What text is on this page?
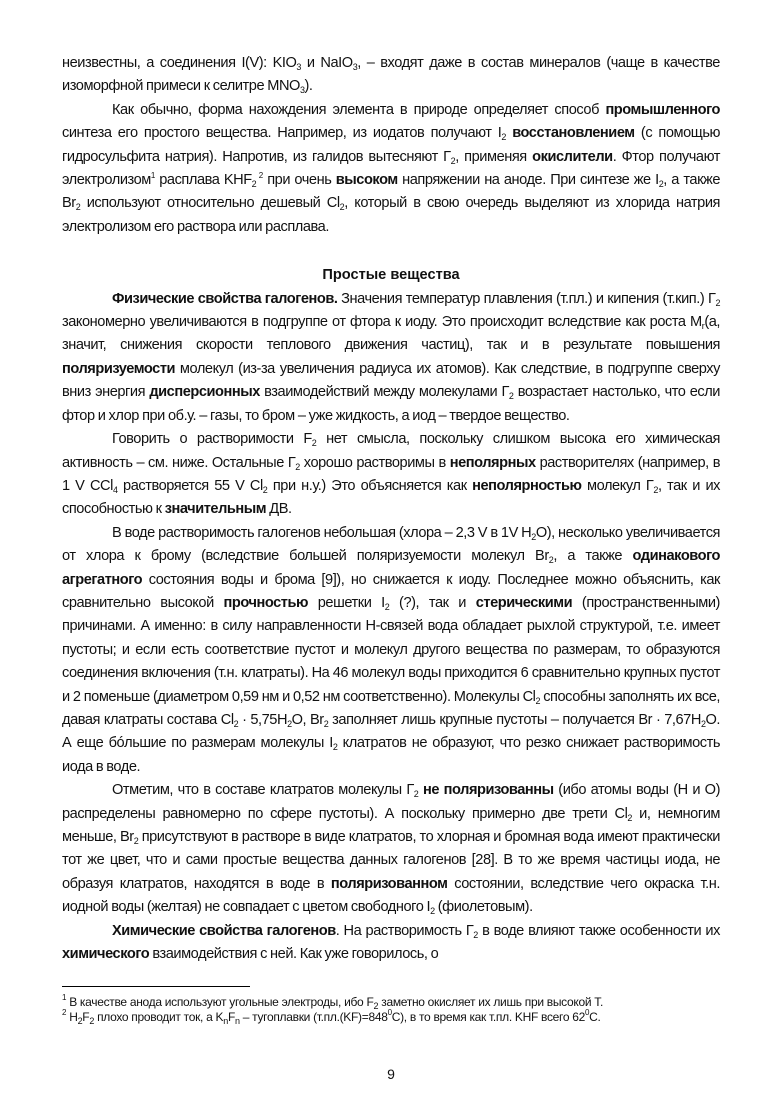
неизвестны, а соединения I(V): $KIO_3$ и NaIO$_3$, – входят даже в состав минералов (чаще в качестве изоморфной примеси к селитре $MNO_3$).

Как обычно, форма нахождения элемента в природе определяет способ промышленного синтеза его простого вещества. Например, из иодатов получают $I_2$ восстановлением (с помощью гидросульфита натрия). Напротив, из галидов вытесняют $Г_2$, применяя окислители. Фтор получают электролизом$^1$ расплава $KHF_2$ $^2$ при очень высоком напряжении на аноде. При синтезе же $I_2$, а также $Br_2$ используют относительно дешевый $Cl_2$, который в свою очередь выделяют из хлорида натрия электролизом его раствора или расплава.

Простые вещества

Физические свойства галогенов. Значения температур плавления (т.пл.) и кипения (т.кип.) $Г_2$ закономерно увеличиваются в подгруппе от фтора к иоду. Это происходит вследствие как роста $M_r(а$, значит, снижения скорости теплового движения частиц), так и в результате повышения поляризуемости молекул (из-за увеличения радиуса их атомов). Как следствие, в подгруппе сверху вниз энергия дисперсионных взаимодействий между молекулами $Г_2$ возрастает настолько, что если фтор и хлор при об.у. – газы, то бром – уже жидкость, а иод – твердое вещество.

Говорить о растворимости $F_2$ нет смысла, поскольку слишком высока его химическая активность – см. ниже. Остальные $Г_2$ хорошо растворимы в неполярных растворителях (например, в 1 V CCl$_4$ растворяется 55 V $Cl_2$ при н.у.) Это объясняется как неполярностью молекул $Г_2$, так и их способностью к значительным ДВ.

В воде растворимость галогенов небольшая (хлора – 2,3 V в 1V $H_2O$), несколько увеличивается от хлора к брому (вследствие большей поляризуемости молекул $Br_2$, а также одинакового агрегатного состояния воды и брома [9]), но снижается к иоду. Последнее можно объяснить, как сравнительно высокой прочностью решетки $I_2$ (?), так и стерическими (пространственными) причинами. А именно: в силу направленности Н-связей вода обладает рыхлой структурой, т.е. имеет пустоты; и если есть соответствие пустот и молекул другого вещества по размерам, то образуются соединения включения (т.н. клатраты). На 46 молекул воды приходится 6 сравнительно крупных пустот и 2 поменьше (диаметром 0,59 нм и 0,52 нм соответственно). Молекулы $Cl_2$ способны заполнять их все, давая клатраты состава $Cl_2 \cdot 5,75H_2O$, $Br_2$ заполняет лишь крупные пустоты – получается $Br \cdot 7,67H_2O$. А еще бóльшие по размерам молекулы $I_2$ клатратов не образуют, что резко снижает растворимость иода в воде.

Отметим, что в составе клатратов молекулы $Г_2$ не поляризованны (ибо атомы воды (H и O) распределены равномерно по сфере пустоты). А поскольку примерно две трети $Cl_2$ и, немногим меньше, $Br_2$ присутствуют в растворе в виде клатратов, то хлорная и бромная вода имеют практически тот же цвет, что и сами простые вещества данных галогенов [28]. В то же время частицы иода, не образуя клатратов, находятся в воде в поляризованном состоянии, вследствие чего окраска т.н. иодной воды (желтая) не совпадает с цветом свободного $I_2$ (фиолетовым).

Химические свойства галогенов. На растворимость $Г_2$ в воде влияют также особенности их химического взаимодействия с ней. Как уже говорилось, о

$^1$ В качестве анода используют угольные электроды, ибо $F_2$ заметно окисляет их лишь при высокой T.

$^2$ $H_2F_2$ плохо проводит ток, а $K_nF_n$ – тугоплавки $(т.пл.(KF)=848^0C)$, в то время как т.пл. KHF всего $62^0C$.

9
